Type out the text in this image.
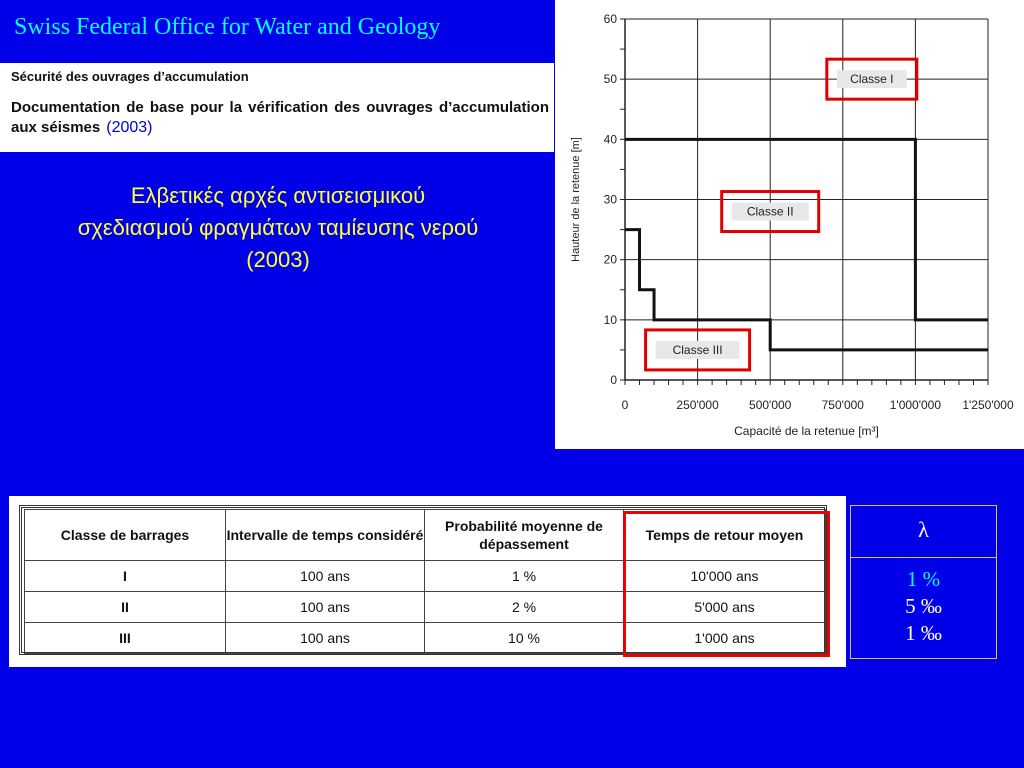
Swiss Federal Office for Water and Geology
Sécurité des ouvrages d’accumulation
Documentation de base pour la vérification des ouvrages d’accumulation aux séismes (2003)
Ελβετικές αρχές αντισεισμικού
σχεδιασμού φραγμάτων ταμίευσης νερού
(2003)
0	250'000	500'000	750'000 1'000'000 1'250'000
0
10
20
30
40
50
60
Capacité de la retenue [m³]
Hauteur de la retenue [m]
Classe I
Classe II
Classe III
Classe de barrages	Intervalle de temps considéré	Probabilité moyenne de dépassement	Temps de retour moyen
I	100 ans	1 %	10'000 ans
II	100 ans	2 %	5'000 ans
III	100 ans	10 %	1'000 ans
λ
1 %
5 ‰
1 ‰
